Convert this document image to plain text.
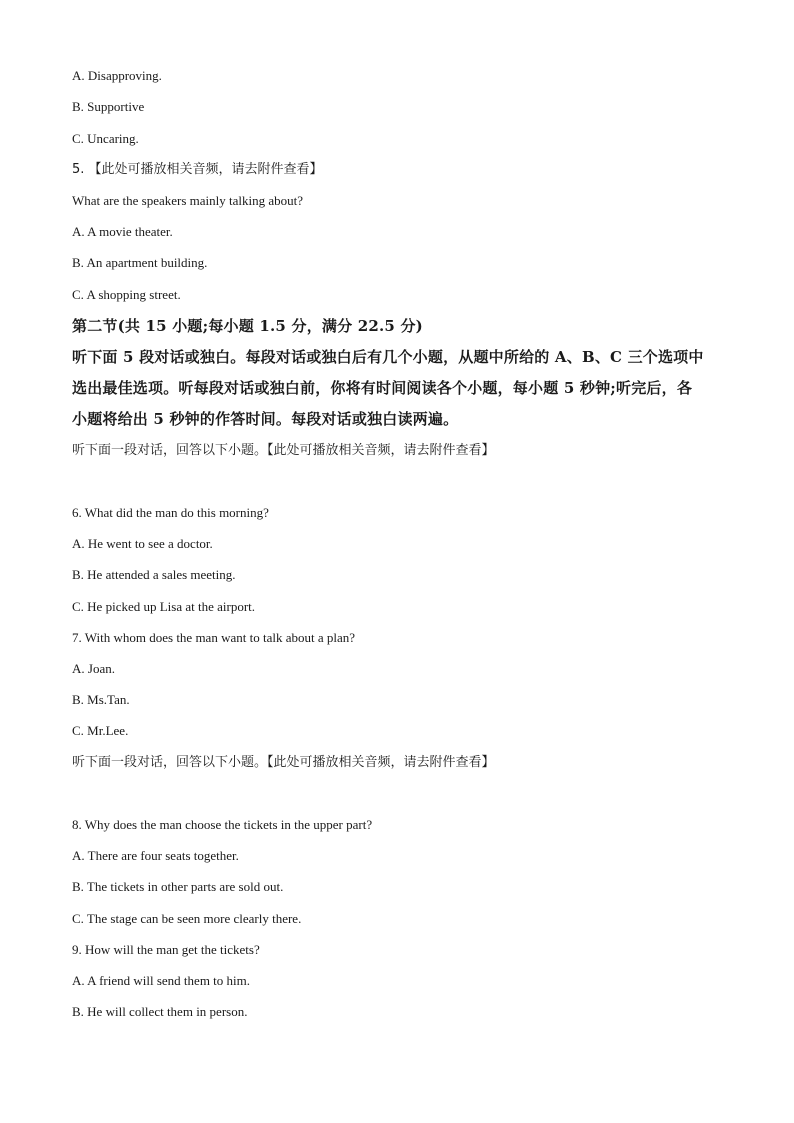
A. Disapproving.
B. Supportive
C. Uncaring.
5. 【此处可播放相关音频，请去附件查看】
What are the speakers mainly talking about?
A. A movie theater.
B. An apartment building.
C. A shopping street.
第二节(共 15 小题;每小题 1.5 分，满分 22.5 分)
听下面 5 段对话或独白。每段对话或独白后有几个小题，从题中所给的 A、B、C 三个选项中
选出最佳选项。听每段对话或独白前，你将有时间阅读各个小题，每小题 5 秒钟;听完后，各
小题将给出 5 秒钟的作答时间。每段对话或独白读两遍。
听下面一段对话，回答以下小题。【此处可播放相关音频，请去附件查看】
6. What did the man do this morning?
A. He went to see a doctor.
B. He attended a sales meeting.
C. He picked up Lisa at the airport.
7. With whom does the man want to talk about a plan?
A. Joan.
B. Ms.Tan.
C. Mr.Lee.
听下面一段对话，回答以下小题。【此处可播放相关音频，请去附件查看】
8. Why does the man choose the tickets in the upper part?
A. There are four seats together.
B. The tickets in other parts are sold out.
C. The stage can be seen more clearly there.
9. How will the man get the tickets?
A. A friend will send them to him.
B. He will collect them in person.
